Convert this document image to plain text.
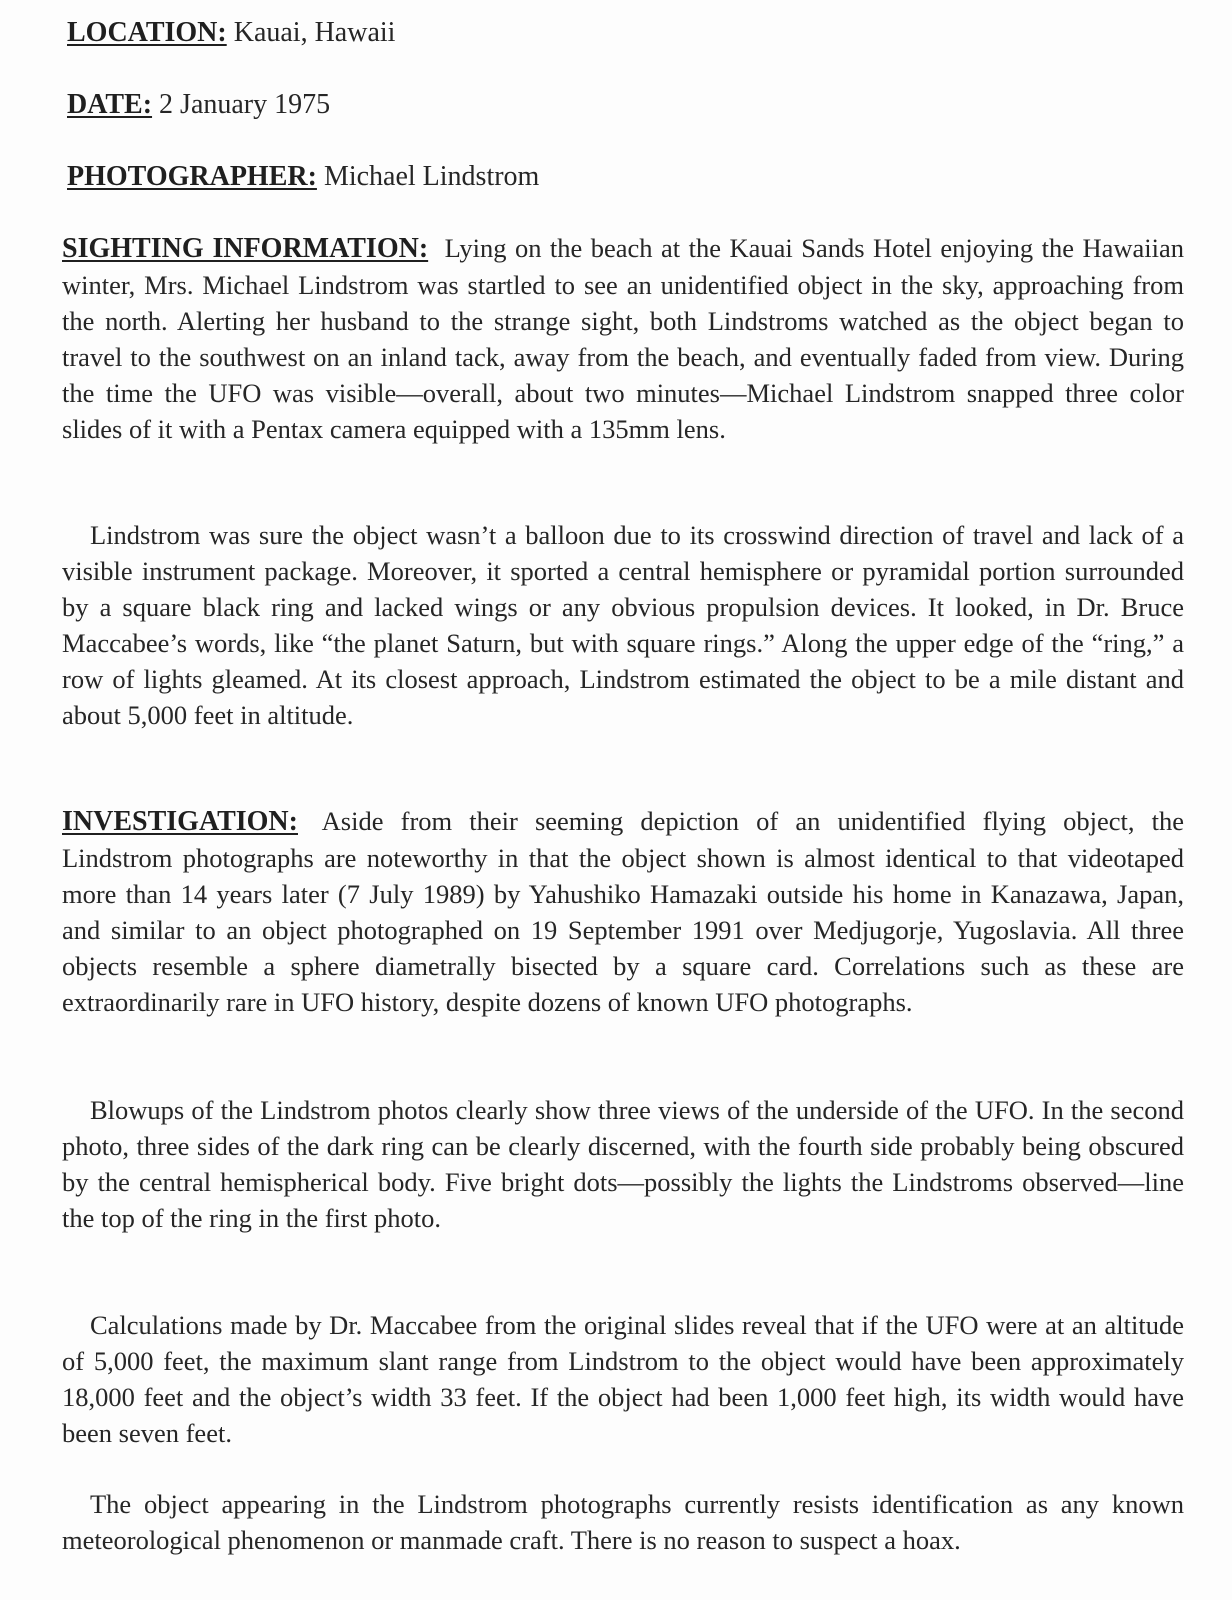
LOCATION: Kauai, Hawaii
DATE: 2 January 1975
PHOTOGRAPHER: Michael Lindstrom

SIGHTING INFORMATION: Lying on the beach at the Kauai Sands Hotel enjoying the Hawaiian winter, Mrs. Michael Lindstrom was startled to see an unidentified object in the sky, approaching from the north. Alerting her husband to the strange sight, both Lindstroms watched as the object began to travel to the southwest on an inland tack, away from the beach, and eventually faded from view. During the time the UFO was visible—overall, about two minutes—Michael Lindstrom snapped three color slides of it with a Pentax camera equipped with a 135mm lens.

Lindstrom was sure the object wasn’t a balloon due to its crosswind direction of travel and lack of a visible instrument package. Moreover, it sported a central hemisphere or pyramidal portion surrounded by a square black ring and lacked wings or any obvious propulsion devices. It looked, in Dr. Bruce Maccabee’s words, like “the planet Saturn, but with square rings.” Along the upper edge of the “ring,” a row of lights gleamed. At its closest approach, Lindstrom estimated the object to be a mile distant and about 5,000 feet in altitude.

INVESTIGATION: Aside from their seeming depiction of an unidentified flying object, the Lindstrom photographs are noteworthy in that the object shown is almost identical to that videotaped more than 14 years later (7 July 1989) by Yahushiko Hamazaki outside his home in Kanazawa, Japan, and similar to an object photographed on 19 September 1991 over Medjugorje, Yugoslavia. All three objects resemble a sphere diametrally bisected by a square card. Correlations such as these are extraordinarily rare in UFO history, despite dozens of known UFO photographs.

Blowups of the Lindstrom photos clearly show three views of the underside of the UFO. In the second photo, three sides of the dark ring can be clearly discerned, with the fourth side probably being obscured by the central hemispherical body. Five bright dots—possibly the lights the Lindstroms observed—line the top of the ring in the first photo.

Calculations made by Dr. Maccabee from the original slides reveal that if the UFO were at an altitude of 5,000 feet, the maximum slant range from Lindstrom to the object would have been approximately 18,000 feet and the object’s width 33 feet. If the object had been 1,000 feet high, its width would have been seven feet.

The object appearing in the Lindstrom photographs currently resists identification as any known meteorological phenomenon or manmade craft. There is no reason to suspect a hoax.
